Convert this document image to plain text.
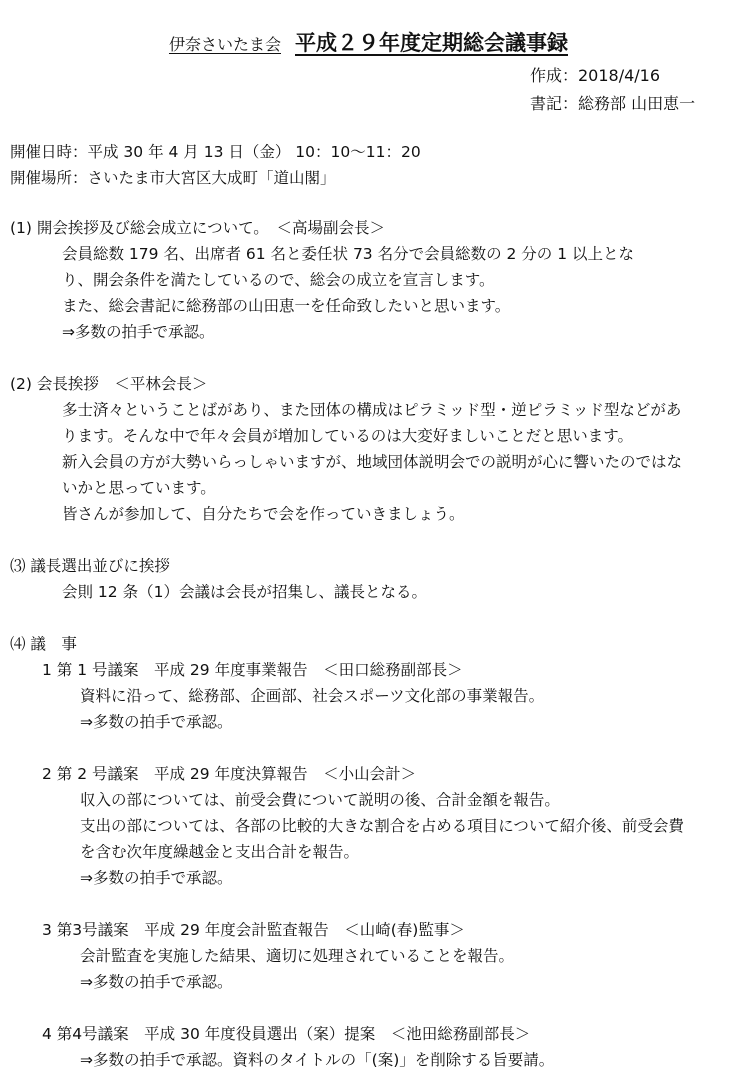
伊奈さいたま会 平成２９年度定期総会議事録
作成：2018/4/16
書記：総務部 山田恵一
開催日時：平成 30 年 4 月 13 日（金） 10：10～11：20
開催場所：さいたま市大宮区大成町「道山閣」
(1) 開会挨拶及び総会成立について。　＜高場副会長＞
会員総数 179 名、出席者 61 名と委任状 73 名分で会員総数の 2 分の 1 以上とな
り、開会条件を満たしているので、総会の成立を宣言します。
また、総会書記に総務部の山田恵一を任命致したいと思います。
⇒多数の拍手で承認。
(2) 会長挨拶　＜平林会長＞
多士済々ということばがあり、また団体の構成はピラミッド型・逆ピラミッド型などがあ
ります。そんな中で年々会員が増加しているのは大変好ましいことだと思います。
新入会員の方が大勢いらっしゃいますが、地域団体説明会での説明が心に響いたのではな
いかと思っています。
皆さんが参加して、自分たちで会を作っていきましょう。
⑶ 議長選出並びに挨拶
会則 12 条（1）会議は会長が招集し、議長となる。
⑷ 議　事
1 第 1 号議案　平成 29 年度事業報告　＜田口総務副部長＞
資料に沿って、総務部、企画部、社会スポーツ文化部の事業報告。
⇒多数の拍手で承認。
2 第 2 号議案　平成 29 年度決算報告　＜小山会計＞
収入の部については、前受会費について説明の後、合計金額を報告。
支出の部については、各部の比較的大きな割合を占める項目について紹介後、前受会費
を含む次年度繰越金と支出合計を報告。
⇒多数の拍手で承認。
3 第3号議案　平成 29 年度会計監査報告　＜山崎(春)監事＞
会計監査を実施した結果、適切に処理されていることを報告。
⇒多数の拍手で承認。
4 第4号議案　平成 30 年度役員選出（案）提案　＜池田総務副部長＞
⇒多数の拍手で承認。資料のタイトルの「(案)」を削除する旨要請。
